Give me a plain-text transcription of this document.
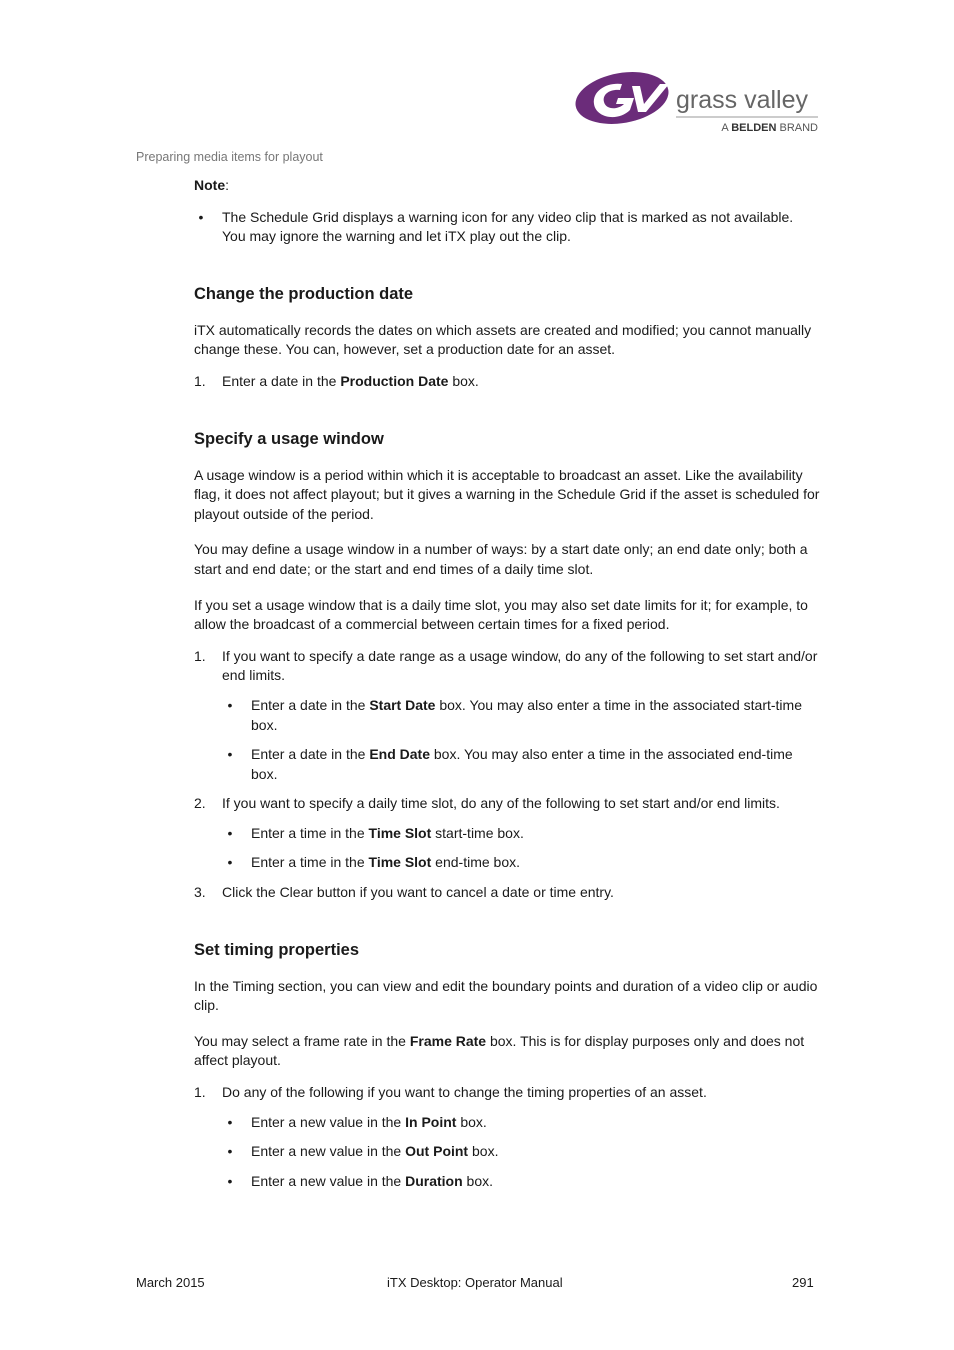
grass valley
A BELDEN BRAND
Preparing media items for playout

Note:

•	The Schedule Grid displays a warning icon for any video clip that is marked as not available. You may ignore the warning and let iTX play out the clip.
Change the production date

iTX automatically records the dates on which assets are created and modified; you cannot manually change these. You can, however, set a production date for an asset.

1. Enter a date in the Production Date box.
Specify a usage window

A usage window is a period within which it is acceptable to broadcast an asset. Like the availability flag, it does not affect playout; but it gives a warning in the Schedule Grid if the asset is scheduled for playout outside of the period.

You may define a usage window in a number of ways: by a start date only; an end date only; both a start and end date; or the start and end times of a daily time slot.

If you set a usage window that is a daily time slot, you may also set date limits for it; for example, to allow the broadcast of a commercial between certain times for a fixed period.

1. If you want to specify a date range as a usage window, do any of the following to set start and/or end limits.
•	Enter a date in the Start Date box. You may also enter a time in the associated start-time box.
•	Enter a date in the End Date box. You may also enter a time in the associated end-time box.
2. If you want to specify a daily time slot, do any of the following to set start and/or end limits.
•	Enter a time in the Time Slot start-time box.
•	Enter a time in the Time Slot end-time box.
3. Click the Clear button if you want to cancel a date or time entry.
Set timing properties

In the Timing section, you can view and edit the boundary points and duration of a video clip or audio clip.

You may select a frame rate in the Frame Rate box. This is for display purposes only and does not affect playout.

1. Do any of the following if you want to change the timing properties of an asset.
•	Enter a new value in the In Point box.
•	Enter a new value in the Out Point box.
•	Enter a new value in the Duration box.
March 2015	iTX Desktop: Operator Manual	291
